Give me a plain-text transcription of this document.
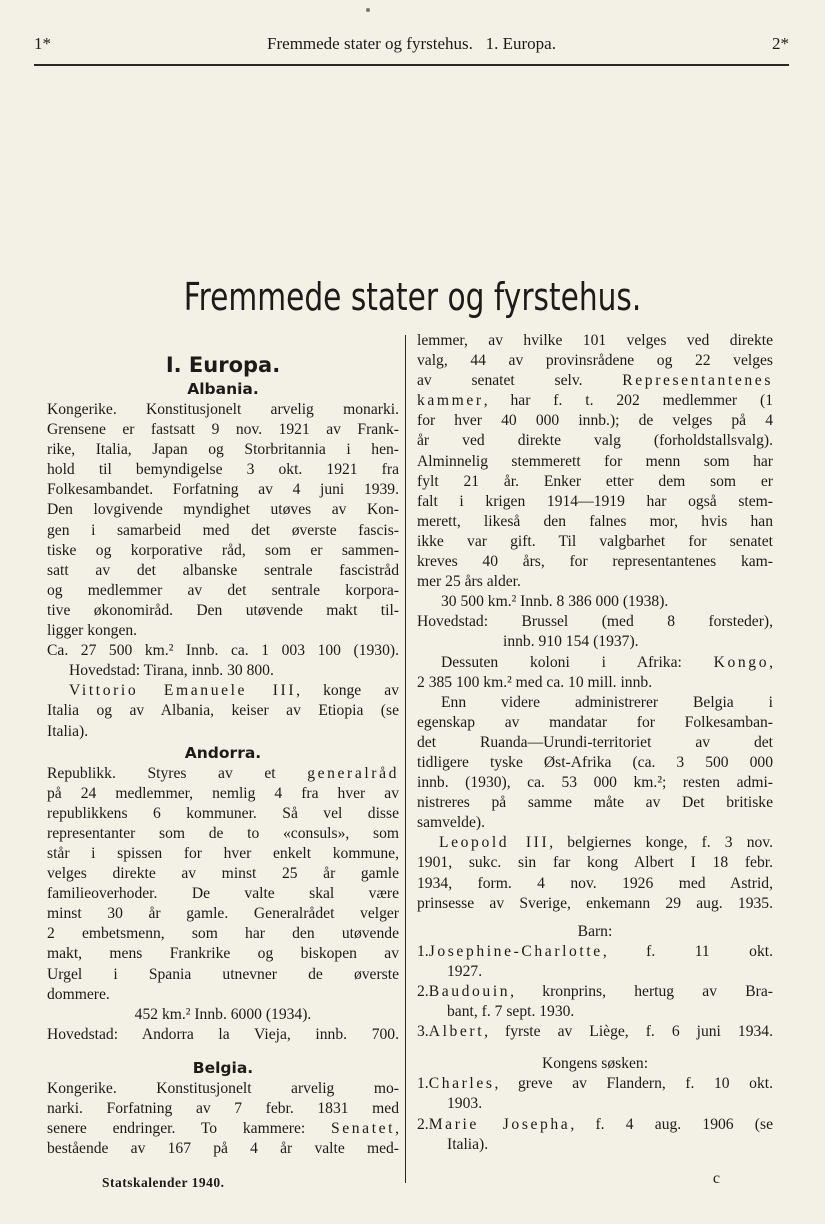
1*	Fremmede stater og fyrstehus.   1. Europa.	2*
Fremmede stater og fyrstehus.
I. Europa.
Albania.
Kongerike. Konstitusjonelt arvelig monarki.
Grensene er fastsatt 9 nov. 1921 av Frank-
rike, Italia, Japan og Storbritannia i hen-
hold til bemyndigelse 3 okt. 1921 fra
Folkesambandet. Forfatning av 4 juni 1939.
Den lovgivende myndighet utøves av Kon-
gen i samarbeid med det øverste fascis-
tiske og korporative råd, som er sammen-
satt av det albanske sentrale fascistråd
og medlemmer av det sentrale korpora-
tive økonomiråd. Den utøvende makt til-
ligger kongen.
Ca. 27 500 km.² Innb. ca. 1 003 100 (1930).
Hovedstad: Tirana, innb. 30 800.
Vittorio Emanuele III, konge av
Italia og av Albania, keiser av Etiopia (se
Italia).
Andorra.
Republikk. Styres av et generalråd
på 24 medlemmer, nemlig 4 fra hver av
republikkens 6 kommuner. Så vel disse
representanter som de to «consuls», som
står i spissen for hver enkelt kommune,
velges direkte av minst 25 år gamle
familieoverhoder. De valte skal være
minst 30 år gamle. Generalrådet velger
2 embetsmenn, som har den utøvende
makt, mens Frankrike og biskopen av
Urgel i Spania utnevner de øverste
dommere.
452 km.² Innb. 6000 (1934).
Hovedstad: Andorra la Vieja, innb. 700.
Belgia.
Kongerike. Konstitusjonelt arvelig mo-
narki. Forfatning av 7 febr. 1831 med
senere endringer. To kammere: Senatet,
bestående av 167 på 4 år valte med-
lemmer, av hvilke 101 velges ved direkte
valg, 44 av provinsrådene og 22 velges
av senatet selv. Representantenes
kammer, har f. t. 202 medlemmer (1
for hver 40 000 innb.); de velges på 4
år ved direkte valg (forholdstallsvalg).
Alminnelig stemmerett for menn som har
fylt 21 år. Enker etter dem som er
falt i krigen 1914—1919 har også stem-
merett, likeså den falnes mor, hvis han
ikke var gift. Til valgbarhet for senatet
kreves 40 års, for representantenes kam-
mer 25 års alder.
30 500 km.² Innb. 8 386 000 (1938).
Hovedstad: Brussel (med 8 forsteder),
innb. 910 154 (1937).
Dessuten koloni i Afrika: Kongo,
2 385 100 km.² med ca. 10 mill. innb.
Enn videre administrerer Belgia i
egenskap av mandatar for Folkesamban-
det Ruanda—Urundi-territoriet av det
tidligere tyske Øst-Afrika (ca. 3 500 000
innb. (1930), ca. 53 000 km.²; resten admi-
nistreres på samme måte av Det britiske
samvelde).
Leopold III, belgiernes konge, f. 3 nov.
1901, sukc. sin far kong Albert I 18 febr.
1934, form. 4 nov. 1926 med Astrid,
prinsesse av Sverige, enkemann 29 aug. 1935.
Barn:
1.Josephine-Charlotte, f. 11 okt.
1927.
2.Baudouin, kronprins, hertug av Bra-
bant, f. 7 sept. 1930.
3.Albert, fyrste av Liège, f. 6 juni 1934.
Kongens søsken:
1.Charles, greve av Flandern, f. 10 okt.
1903.
2.Marie Josepha, f. 4 aug. 1906 (se
Italia).
Statskalender 1940.	c
